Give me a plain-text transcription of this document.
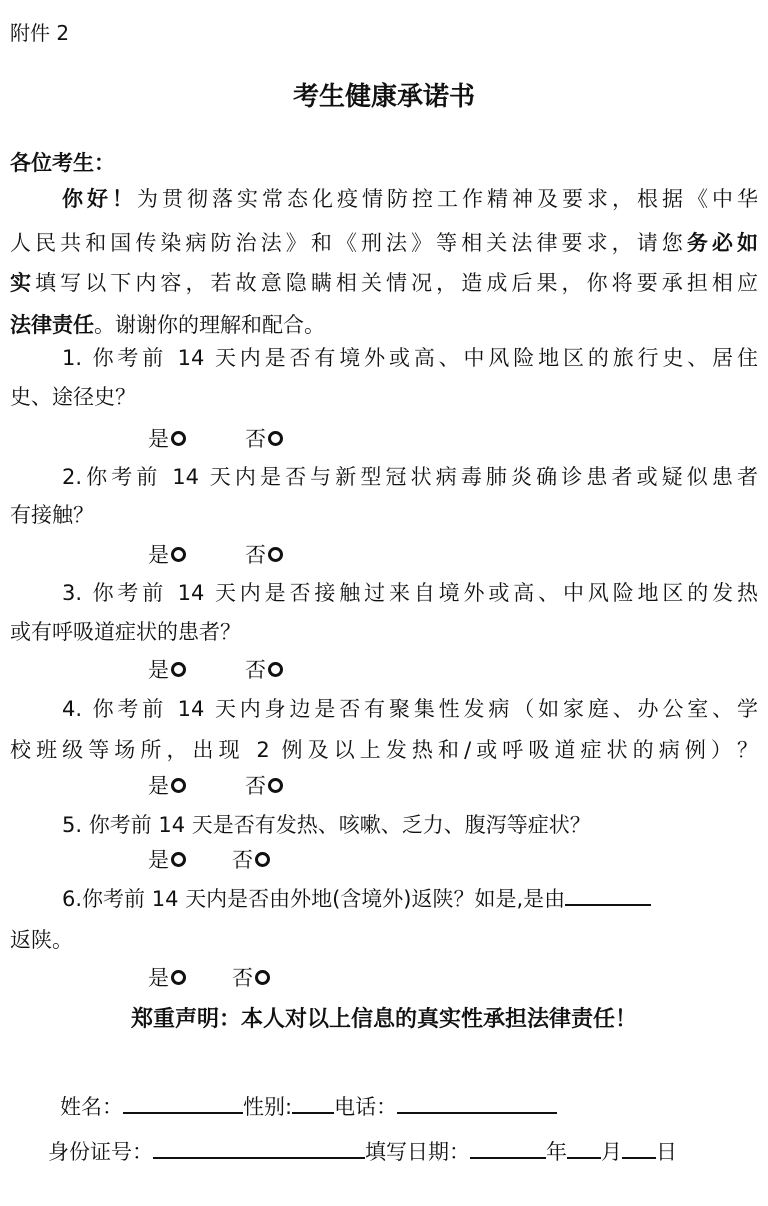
附件 2
考生健康承诺书
各位考生：
你好！为贯彻落实常态化疫情防控工作精神及要求，根据《中华
人民共和国传染病防治法》和《刑法》等相关法律要求，请您务必如
实填写以下内容，若故意隐瞒相关情况，造成后果，你将要承担相应
法律责任。谢谢你的理解和配合。
1. 你考前 14 天内是否有境外或高、中风险地区的旅行史、居住
史、途径史？
是	否
2.你考前 14 天内是否与新型冠状病毒肺炎确诊患者或疑似患者
有接触？
是	否
3. 你考前 14 天内是否接触过来自境外或高、中风险地区的发热
或有呼吸道症状的患者？
是	否
4. 你考前 14 天内身边是否有聚集性发病（如家庭、办公室、学
校班级等场所，出现 2 例及以上发热和/或呼吸道症状的病例）？
是	否
5. 你考前 14 天是否有发热、咳嗽、乏力、腹泻等症状？
是	否
6.你考前 14 天内是否由外地(含境外)返陕？如是,是由
返陕。
是	否
郑重声明：本人对以上信息的真实性承担法律责任！
姓名：	性别: 电话：
身份证号：	填写日期：	年 月 日
